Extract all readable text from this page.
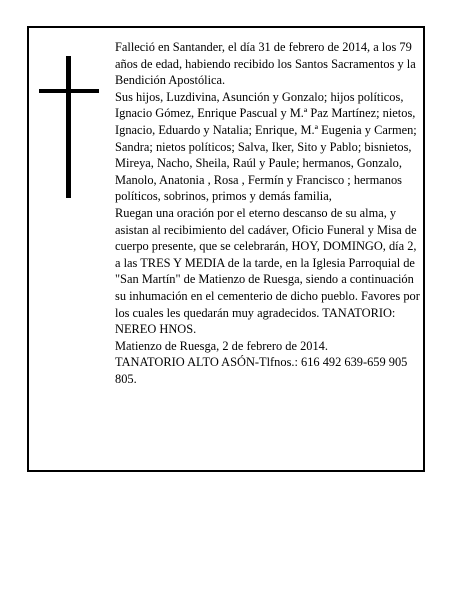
Falleció en Santander, el día 31 de febrero de 2014, a los 79 años de edad, habiendo recibido los Santos Sacramentos y la Bendición Apostólica.

Sus hijos, Luzdivina, Asunción y Gonzalo; hijos políticos, Ignacio Gómez, Enrique Pascual y M.ª Paz Martínez; nietos, Ignacio, Eduardo y Natalia; Enrique, M.ª Eugenia y Carmen; Sandra; nietos políticos; Salva, Iker, Sito y Pablo; bisnietos, Mireya, Nacho, Sheila, Raúl y Paule; hermanos, Gonzalo, Manolo, Anatonia , Rosa , Fermín y Francisco ; hermanos políticos, sobrinos, primos y demás familia,

Ruegan una oración por el eterno descanso de su alma, y asistan al recibimiento del cadáver, Oficio Funeral y Misa de cuerpo presente, que se celebrarán, HOY, DOMINGO, día 2, a las TRES Y MEDIA de la tarde, en la Iglesia Parroquial de "San Martín" de Matienzo de Ruesga, siendo a continuación su inhumación en el cementerio de dicho pueblo. Favores por los cuales les quedarán muy agradecidos. TANATORIO: NEREO HNOS.

Matienzo de Ruesga, 2 de febrero de 2014.

TANATORIO ALTO ASÓN-Tlfnos.: 616 492 639-659 905 805.
